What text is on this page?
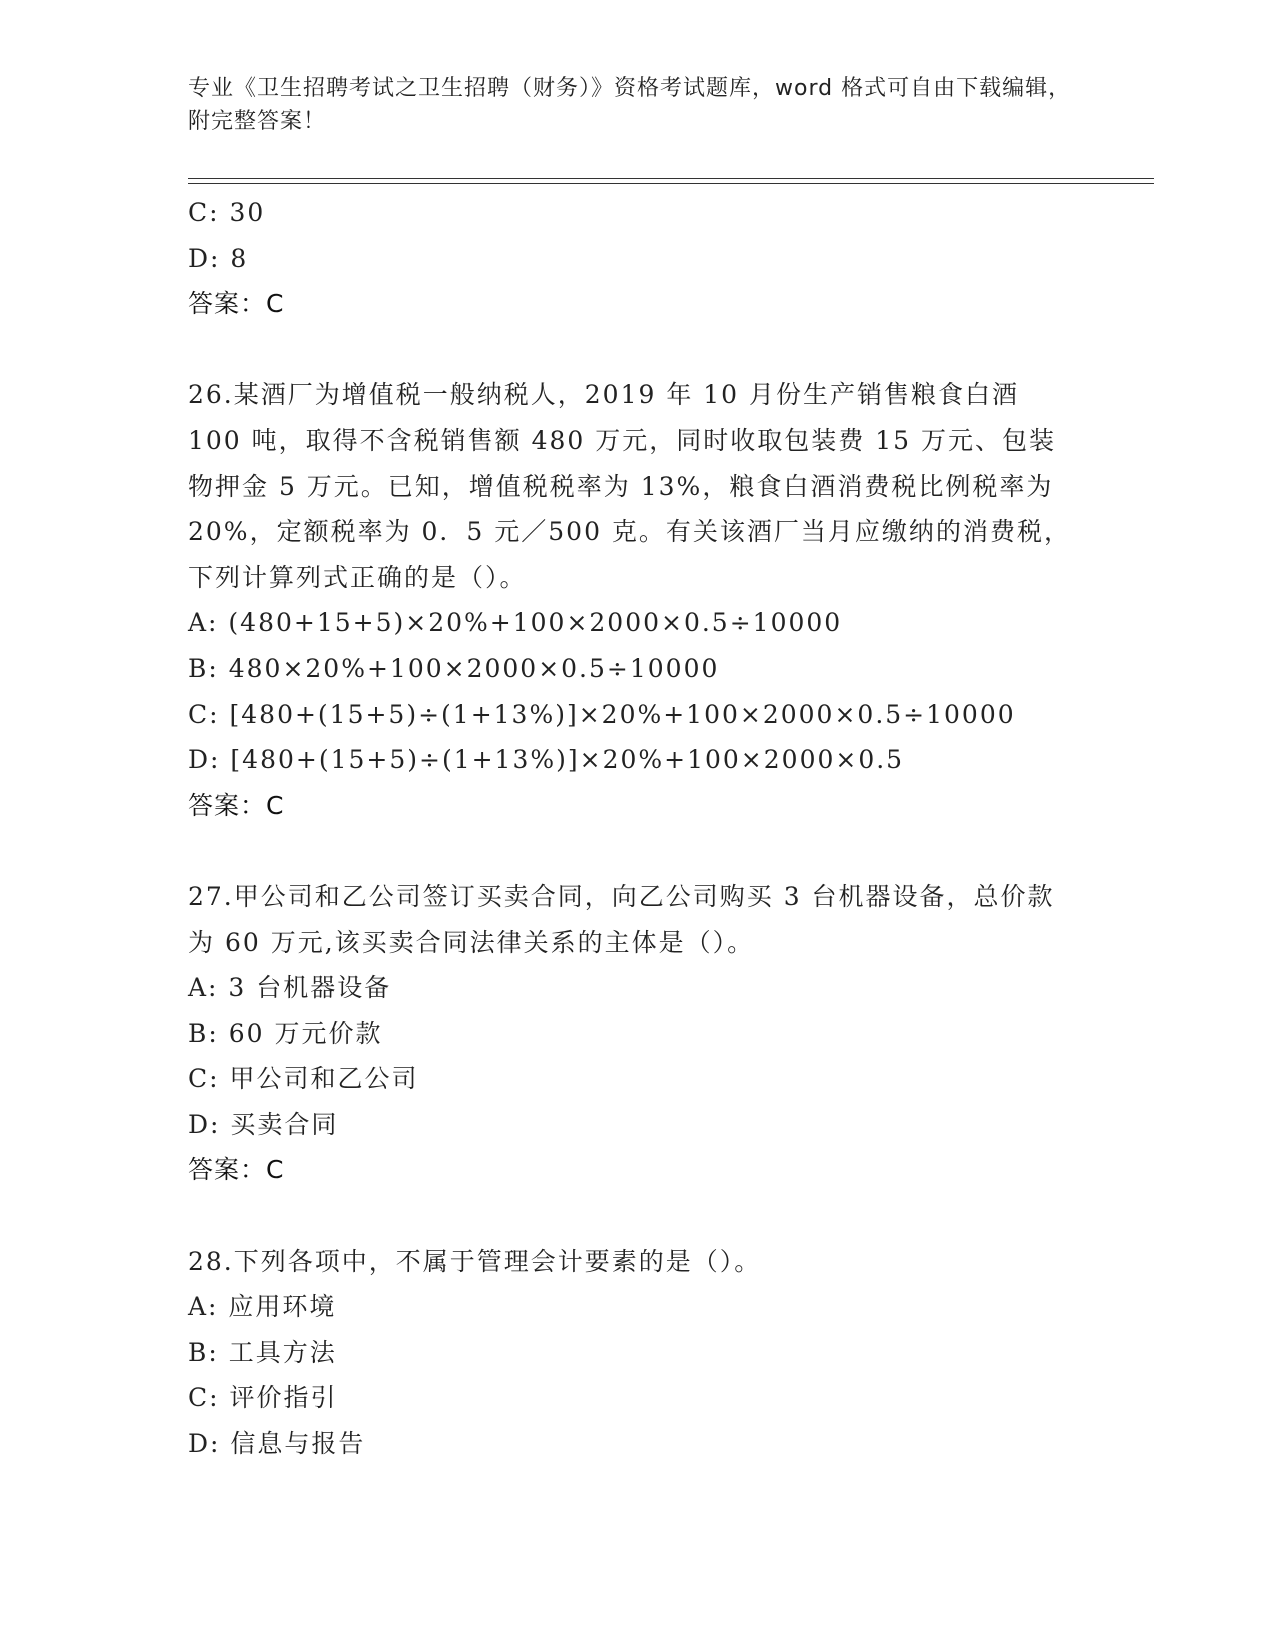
专业《卫生招聘考试之卫生招聘（财务）》资格考试题库，word 格式可自由下载编辑，附完整答案！
C: 30
D: 8
答案：C
26.某酒厂为增值税一般纳税人，2019 年 10 月份生产销售粮食白酒 100 吨，取得不含税销售额 480 万元，同时收取包装费 15 万元、包装物押金 5 万元。已知，增值税税率为 13%，粮食白酒消费税比例税率为 20%，定额税率为 0．5 元／500 克。有关该酒厂当月应缴纳的消费税，下列计算列式正确的是（）。
A: (480+15+5)×20%+100×2000×0.5÷10000
B: 480×20%+100×2000×0.5÷10000
C: [480+(15+5)÷(1+13%)]×20%+100×2000×0.5÷10000
D: [480+(15+5)÷(1+13%)]×20%+100×2000×0.5
答案：C
27.甲公司和乙公司签订买卖合同，向乙公司购买 3 台机器设备，总价款为 60 万元,该买卖合同法律关系的主体是（）。
A: 3 台机器设备
B: 60 万元价款
C: 甲公司和乙公司
D: 买卖合同
答案：C
28.下列各项中，不属于管理会计要素的是（）。
A: 应用环境
B: 工具方法
C: 评价指引
D: 信息与报告
